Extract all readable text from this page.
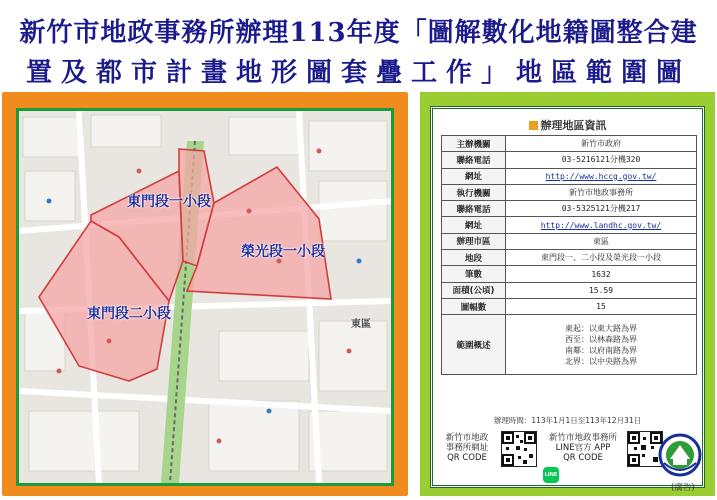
新竹市地政事務所辦理113年度「圖解數化地籍圖整合建
置及都市計畫地形圖套疊工作」地區範圍圖
東門段一小段
榮光段一小段
東門段二小段
東區
辦理地區資訊
主辦機關	新竹市政府
聯絡電話	03-5216121分機320
網址	http://www.hccg.gov.tw/
執行機關	新竹市地政事務所
聯絡電話	03-5325121分機217
網址	http://www.landhc.gov.tw/
辦理市區	東區
地段	東門段一、二小段及榮光段一小段
筆數	1632
面積(公頃)	15.59
圖幅數	15
範圍概述	東起：以東大路為界
西至：以林森路為界
南鄰：以府南路為界
北界：以中央路為界
辦理時間：113年1月1日至113年12月31日
新竹市地政
事務所網址
QR CODE
新竹市地政事務所
LINE官方 APP
QR CODE
LINE
(廣告)
